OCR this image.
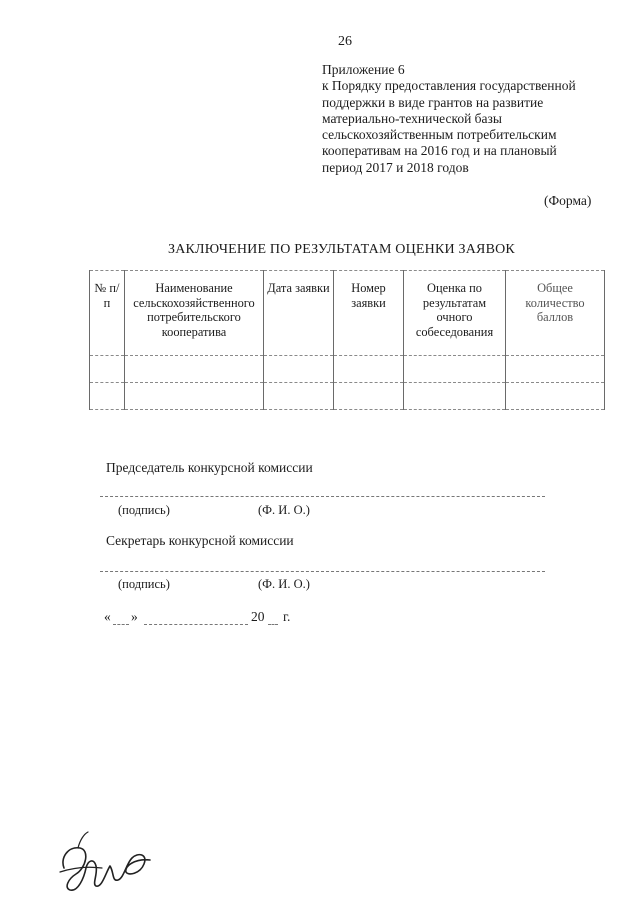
26
Приложение 6
к Порядку предоставления государственной
поддержки в виде грантов на развитие
материально-технической базы
сельскохозяйственным потребительским
кооперативам на 2016 год и на плановый
период 2017 и 2018 годов
(Форма)
ЗАКЛЮЧЕНИЕ ПО РЕЗУЛЬТАТАМ ОЦЕНКИ ЗАЯВОК
№ п/п	Наименование сельскохозяйственного потребительского кооператива	Дата заявки	Номер заявки	Оценка по результатам очного собеседования	Общее количество баллов

Председатель конкурсной комиссии
(подпись)	(Ф. И. О.)
Секретарь конкурсной комиссии
(подпись)	(Ф. И. О.)
« »	20 г.
